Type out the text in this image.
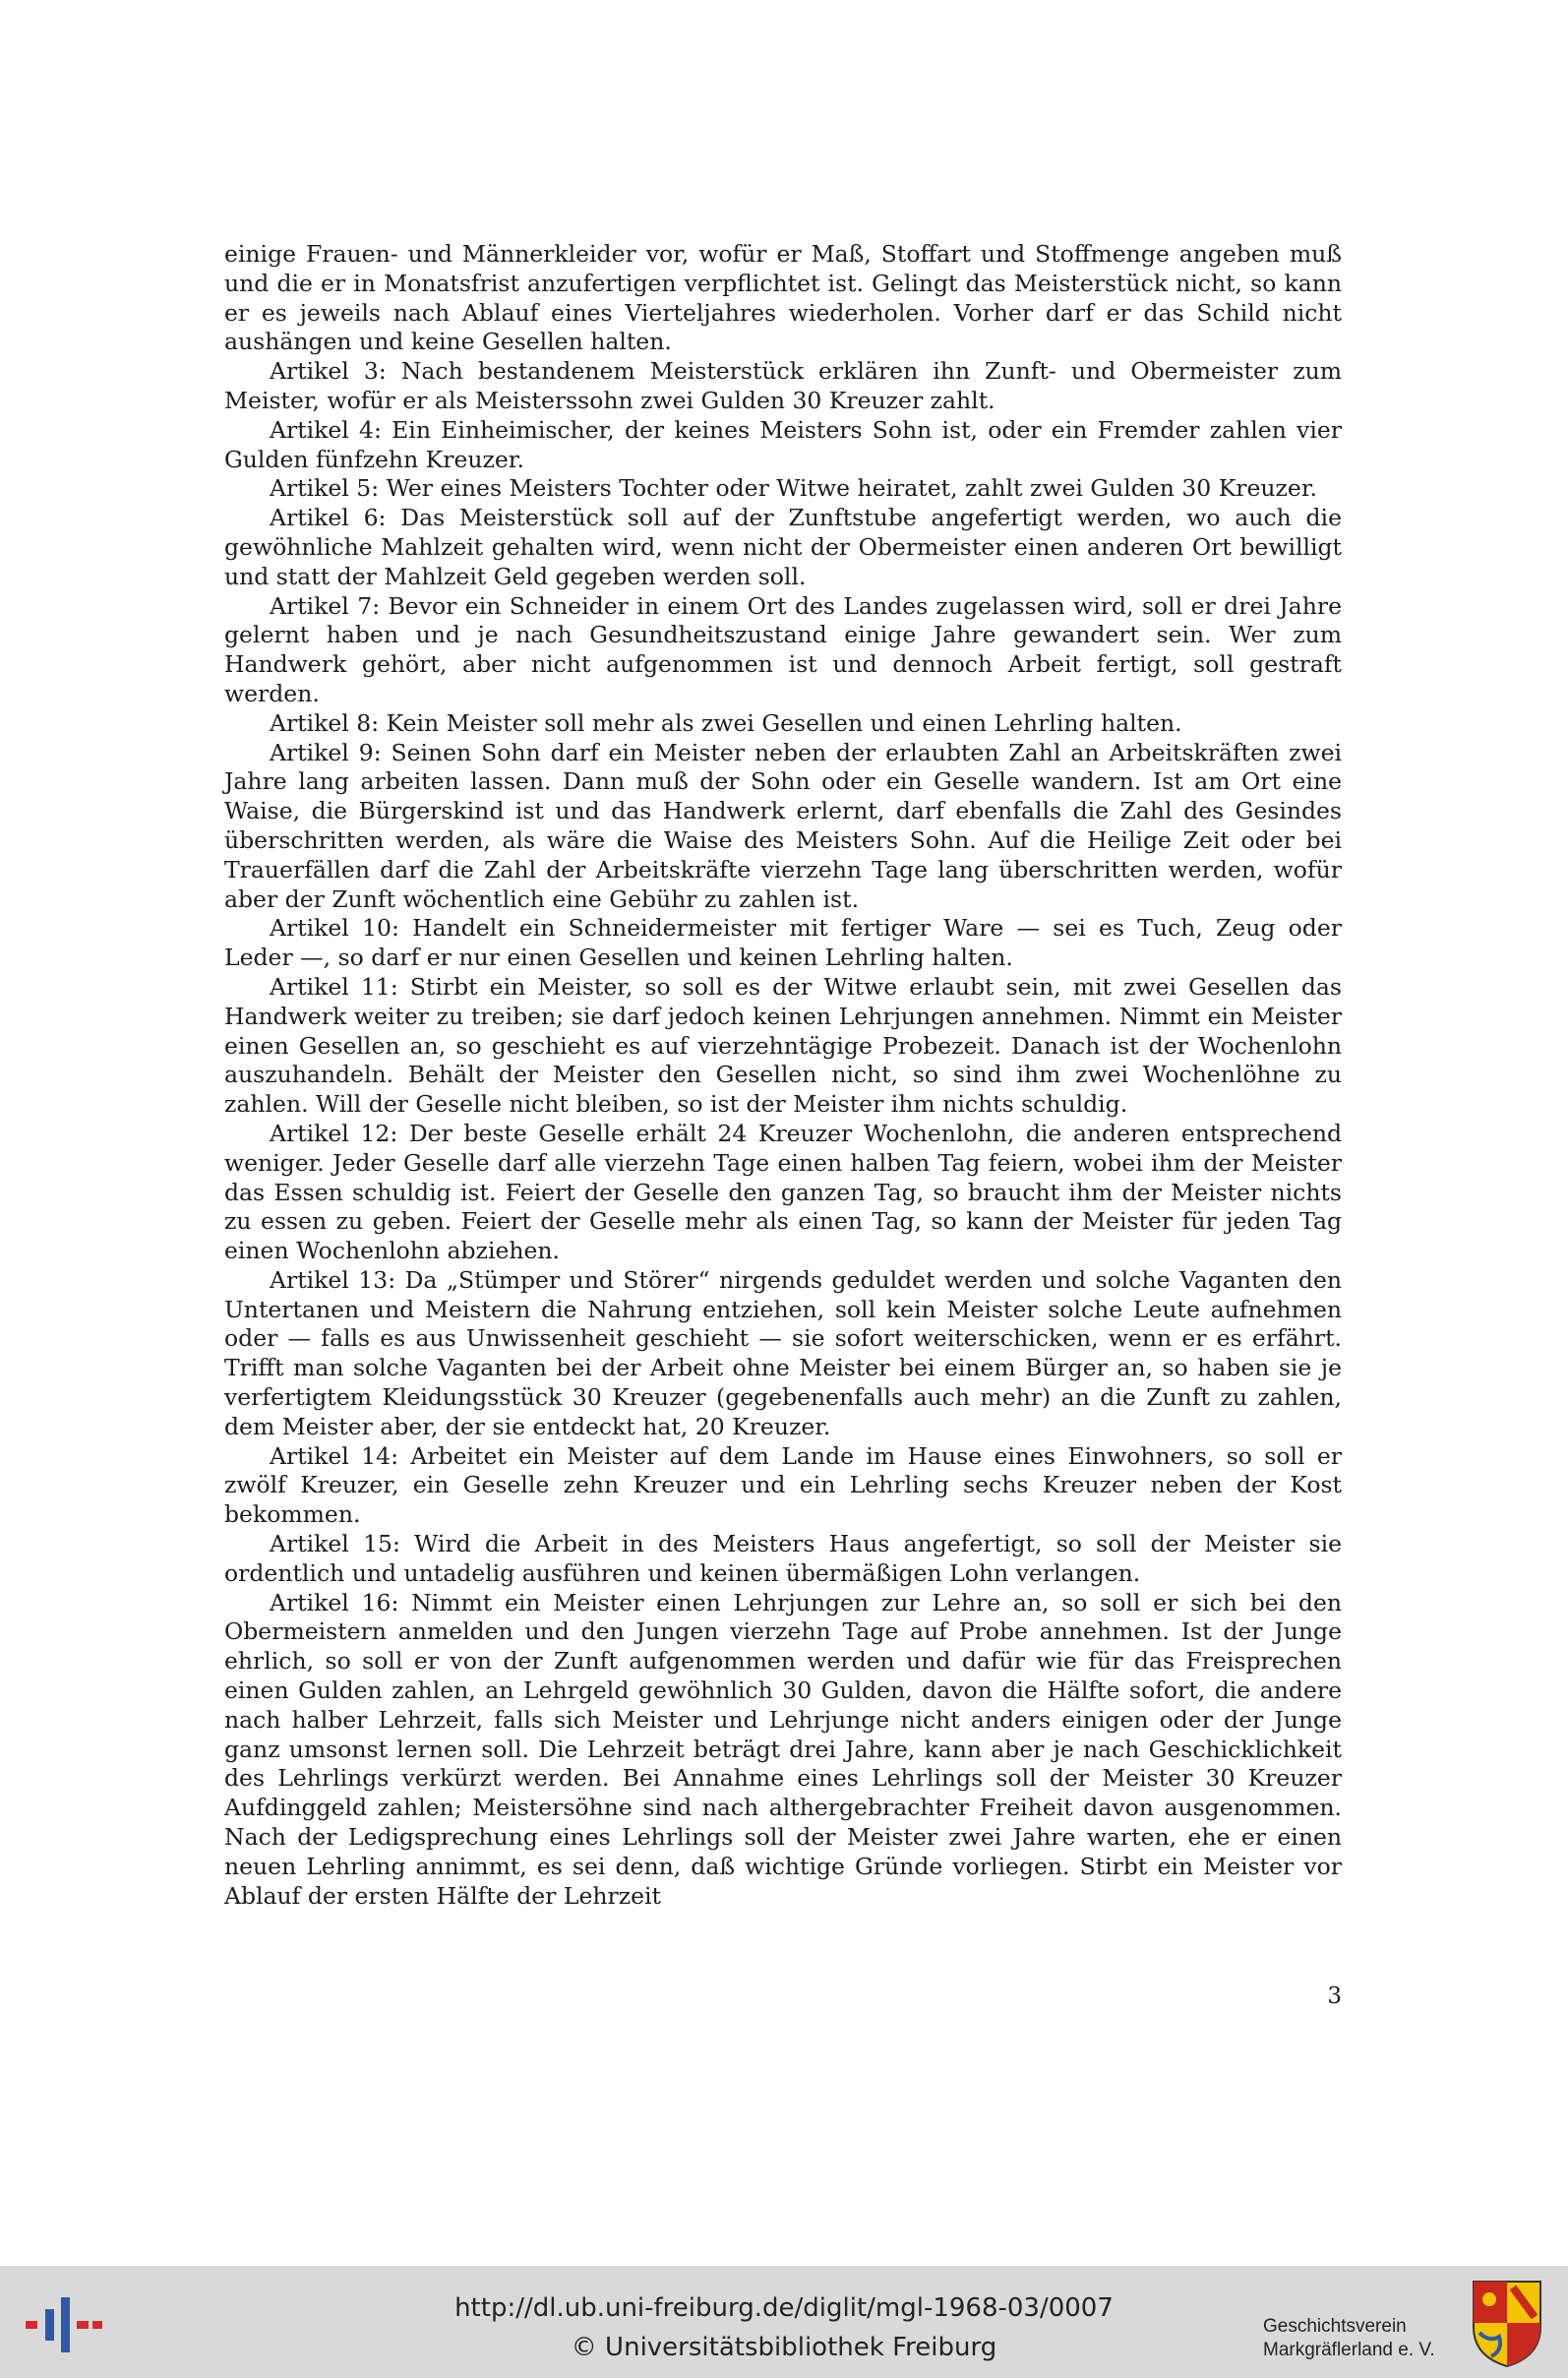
einige Frauen- und Männerkleider vor, wofür er Maß, Stoffart und Stoffmenge angeben muß und die er in Monatsfrist anzufertigen verpflichtet ist. Gelingt das Meisterstück nicht, so kann er es jeweils nach Ablauf eines Vierteljahres wiederholen. Vorher darf er das Schild nicht aushängen und keine Gesellen halten.

Artikel 3: Nach bestandenem Meisterstück erklären ihn Zunft- und Obermeister zum Meister, wofür er als Meisterssohn zwei Gulden 30 Kreuzer zahlt.

Artikel 4: Ein Einheimischer, der keines Meisters Sohn ist, oder ein Fremder zahlen vier Gulden fünfzehn Kreuzer.

Artikel 5: Wer eines Meisters Tochter oder Witwe heiratet, zahlt zwei Gulden 30 Kreuzer.

Artikel 6: Das Meisterstück soll auf der Zunftstube angefertigt werden, wo auch die gewöhnliche Mahlzeit gehalten wird, wenn nicht der Obermeister einen anderen Ort bewilligt und statt der Mahlzeit Geld gegeben werden soll.

Artikel 7: Bevor ein Schneider in einem Ort des Landes zugelassen wird, soll er drei Jahre gelernt haben und je nach Gesundheitszustand einige Jahre gewandert sein. Wer zum Handwerk gehört, aber nicht aufgenommen ist und dennoch Arbeit fertigt, soll gestraft werden.

Artikel 8: Kein Meister soll mehr als zwei Gesellen und einen Lehrling halten.

Artikel 9: Seinen Sohn darf ein Meister neben der erlaubten Zahl an Arbeitskräften zwei Jahre lang arbeiten lassen. Dann muß der Sohn oder ein Geselle wandern. Ist am Ort eine Waise, die Bürgerskind ist und das Handwerk erlernt, darf ebenfalls die Zahl des Gesindes überschritten werden, als wäre die Waise des Meisters Sohn. Auf die Heilige Zeit oder bei Trauerfällen darf die Zahl der Arbeitskräfte vierzehn Tage lang überschritten werden, wofür aber der Zunft wöchentlich eine Gebühr zu zahlen ist.

Artikel 10: Handelt ein Schneidermeister mit fertiger Ware — sei es Tuch, Zeug oder Leder —, so darf er nur einen Gesellen und keinen Lehrling halten.

Artikel 11: Stirbt ein Meister, so soll es der Witwe erlaubt sein, mit zwei Gesellen das Handwerk weiter zu treiben; sie darf jedoch keinen Lehrjungen annehmen. Nimmt ein Meister einen Gesellen an, so geschieht es auf vierzehntägige Probezeit. Danach ist der Wochenlohn auszuhandeln. Behält der Meister den Gesellen nicht, so sind ihm zwei Wochenlöhne zu zahlen. Will der Geselle nicht bleiben, so ist der Meister ihm nichts schuldig.

Artikel 12: Der beste Geselle erhält 24 Kreuzer Wochenlohn, die anderen entsprechend weniger. Jeder Geselle darf alle vierzehn Tage einen halben Tag feiern, wobei ihm der Meister das Essen schuldig ist. Feiert der Geselle den ganzen Tag, so braucht ihm der Meister nichts zu essen zu geben. Feiert der Geselle mehr als einen Tag, so kann der Meister für jeden Tag einen Wochenlohn abziehen.

Artikel 13: Da „Stümper und Störer“ nirgends geduldet werden und solche Vaganten den Untertanen und Meistern die Nahrung entziehen, soll kein Meister solche Leute aufnehmen oder — falls es aus Unwissenheit geschieht — sie sofort weiterschicken, wenn er es erfährt. Trifft man solche Vaganten bei der Arbeit ohne Meister bei einem Bürger an, so haben sie je verfertigtem Kleidungsstück 30 Kreuzer (gegebenenfalls auch mehr) an die Zunft zu zahlen, dem Meister aber, der sie entdeckt hat, 20 Kreuzer.

Artikel 14: Arbeitet ein Meister auf dem Lande im Hause eines Einwohners, so soll er zwölf Kreuzer, ein Geselle zehn Kreuzer und ein Lehrling sechs Kreuzer neben der Kost bekommen.

Artikel 15: Wird die Arbeit in des Meisters Haus angefertigt, so soll der Meister sie ordentlich und untadelig ausführen und keinen übermäßigen Lohn verlangen.

Artikel 16: Nimmt ein Meister einen Lehrjungen zur Lehre an, so soll er sich bei den Obermeistern anmelden und den Jungen vierzehn Tage auf Probe annehmen. Ist der Junge ehrlich, so soll er von der Zunft aufgenommen werden und dafür wie für das Freisprechen einen Gulden zahlen, an Lehrgeld gewöhnlich 30 Gulden, davon die Hälfte sofort, die andere nach halber Lehrzeit, falls sich Meister und Lehrjunge nicht anders einigen oder der Junge ganz umsonst lernen soll. Die Lehrzeit beträgt drei Jahre, kann aber je nach Geschicklichkeit des Lehrlings verkürzt werden. Bei Annahme eines Lehrlings soll der Meister 30 Kreuzer Aufdinggeld zahlen; Meistersöhne sind nach althergebrachter Freiheit davon ausgenommen. Nach der Ledigsprechung eines Lehrlings soll der Meister zwei Jahre warten, ehe er einen neuen Lehrling annimmt, es sei denn, daß wichtige Gründe vorliegen. Stirbt ein Meister vor Ablauf der ersten Hälfte der Lehrzeit

3
http://dl.ub.uni-freiburg.de/diglit/mgl-1968-03/0007
© Universitätsbibliothek Freiburg
Geschichtsverein
Markgräflerland e. V.
